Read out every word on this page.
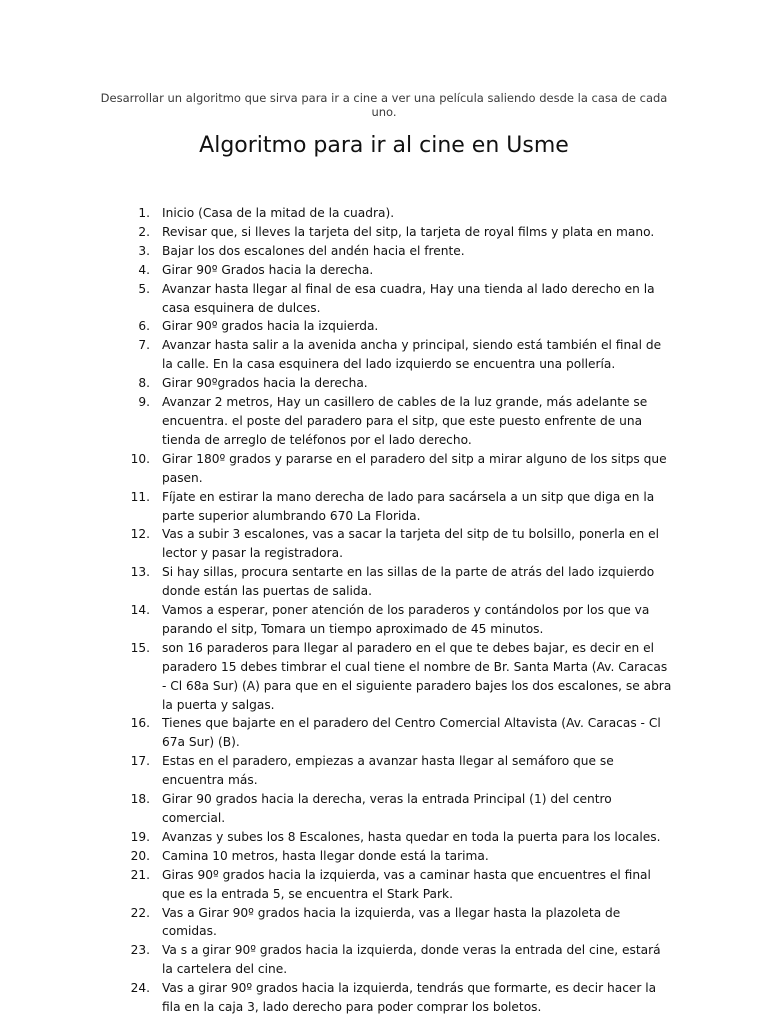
Desarrollar un algoritmo que sirva para ir a cine a ver una película saliendo desde la casa de cada uno.

Algoritmo para ir al cine en Usme
1. Inicio (Casa de la mitad de la cuadra).
2. Revisar que, si lleves la tarjeta del sitp, la tarjeta de royal films y plata en mano.
3. Bajar los dos escalones del andén hacia el frente.
4. Girar 90º Grados hacia la derecha.
5. Avanzar hasta llegar al final de esa cuadra, Hay una tienda al lado derecho en la casa esquinera de dulces.
6. Girar 90º grados hacia la izquierda.
7. Avanzar hasta salir a la avenida ancha y principal, siendo está también el final de la calle. En la casa esquinera del lado izquierdo se encuentra una pollería.
8. Girar 90ºgrados hacia la derecha.
9. Avanzar 2 metros, Hay un casillero de cables de la luz grande, más adelante se encuentra. el poste del paradero para el sitp, que este puesto enfrente de una tienda de arreglo de teléfonos por el lado derecho.
10. Girar 180º grados y pararse en el paradero del sitp a mirar alguno de los sitps que pasen.
11. Fíjate en estirar la mano derecha de lado para sacársela a un sitp que diga en la parte superior alumbrando 670 La Florida.
12. Vas a subir 3 escalones, vas a sacar la tarjeta del sitp de tu bolsillo, ponerla en el lector y pasar la registradora.
13. Si hay sillas, procura sentarte en las sillas de la parte de atrás del lado izquierdo donde están las puertas de salida.
14. Vamos a esperar, poner atención de los paraderos y contándolos por los que va parando el sitp, Tomara un tiempo aproximado de 45 minutos.
15. son 16 paraderos para llegar al paradero en el que te debes bajar, es decir en el paradero 15 debes timbrar el cual tiene el nombre de Br. Santa Marta (Av. Caracas - Cl 68a Sur) (A) para que en el siguiente paradero bajes los dos escalones, se abra la puerta y salgas.
16. Tienes que bajarte en el paradero del Centro Comercial Altavista (Av. Caracas - Cl 67a Sur) (B).
17. Estas en el paradero, empiezas a avanzar hasta llegar al semáforo que se encuentra más.
18. Girar 90 grados hacia la derecha, veras la entrada Principal (1) del centro comercial.
19. Avanzas y subes los 8 Escalones, hasta quedar en toda la puerta para los locales.
20. Camina 10 metros, hasta llegar donde está la tarima.
21. Giras 90º grados hacia la izquierda, vas a caminar hasta que encuentres el final que es la entrada 5, se encuentra el Stark Park.
22. Vas a Girar 90º grados hacia la izquierda, vas a llegar hasta la plazoleta de comidas.
23. Va s a girar 90º grados hacia la izquierda, donde veras la entrada del cine, estará la cartelera del cine.
24. Vas a girar 90º grados hacia la izquierda, tendrás que formarte, es decir hacer la fila en la caja 3, lado derecho para poder comprar los boletos.
